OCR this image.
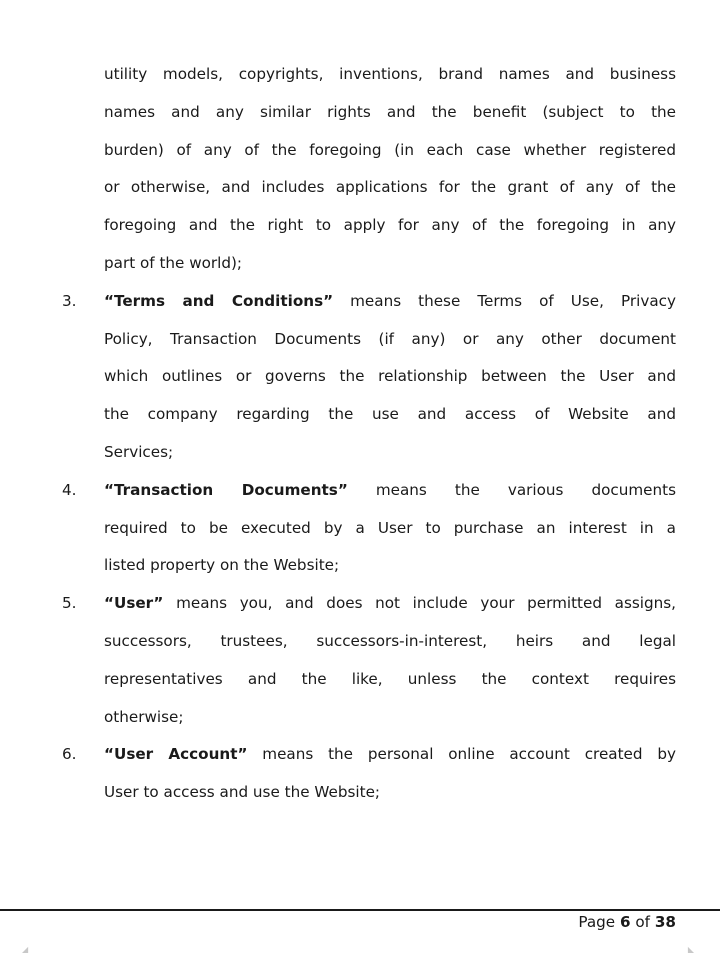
utility models, copyrights, inventions, brand names and business
names and any similar rights and the benefit (subject to the
burden) of any of the foregoing (in each case whether registered
or otherwise, and includes applications for the grant of any of the
foregoing and the right to apply for any of the foregoing in any
part of the world);
3. “Terms and Conditions” means these Terms of Use, Privacy
Policy, Transaction Documents (if any) or any other document
which outlines or governs the relationship between the User and
the company regarding the use and access of Website and
Services;
4. “Transaction Documents” means the various documents
required to be executed by a User to purchase an interest in a
listed property on the Website;
5. “User” means you, and does not include your permitted assigns,
successors, trustees, successors-in-interest, heirs and legal
representatives and the like, unless the context requires
otherwise;
6. “User Account” means the personal online account created by
User to access and use the Website;
Page 6 of 38
◢	◣
